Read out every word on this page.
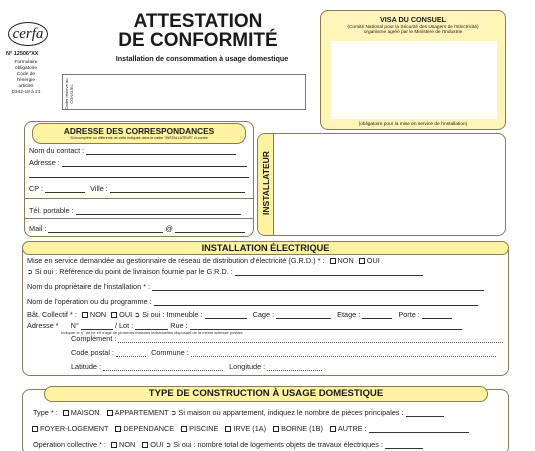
cerfa
N° 12506*XX
Formulaire
obligatoire
Code de
l'énergie
articles
D342-18 à 21	Cadre réservé au CONSUEL
ATTESTATION
DE CONFORMITÉ
Installation de consommation à usage domestique
VISA DU CONSUEL
(Comité National pour la Sécurité des Usagers de l'Electricité)
organisme agréé par le Ministère de l'Industrie
(obligatoire pour la mise en service de l'installation)
Nom du contact :
Adresse :
CP :	Ville :
Tél. portable :
Mail :	@
ADRESSE DES CORRESPONDANCES
Si incomplète ou différente de celle indiquée dans le cadre "INSTALLATEUR" ci-contre
INSTALLATEUR
Mise en service demandée au gestionnaire de réseau de distribution d'électricité (G.R.D.) * : NON OUI
➲ Si oui : Référence du point de livraison fournie par le G.R.D. :
Nom du propriétaire de l'installation * :
Nom de l'opération ou du programme :
Bât. Collectif * : NON OUI ➲ Si oui : Immeuble :	Cage :	Etage :	Porte :
Adresse * N°	/ Lot :	Rue :
Indiquer le n° de lot s'il s'agit de plusieurs maisons individuelles disposant de la même adresse postale
Complément :
Code postal :	Commune :
Latitude :	Longitude :
INSTALLATION ÉLECTRIQUE
Type * : MAISON APPARTEMENT ➲ Si maison ou appartement, indiquez le nombre de pièces principales :
FOYER-LOGEMENT DEPENDANCE PISCINE IRVE (1A) BORNE (1B) AUTRE :
Opération collective * : NON OUI ➲ Si oui : nombre total de logements objets de travaux électriques :
TYPE DE CONSTRUCTION À USAGE DOMESTIQUE
